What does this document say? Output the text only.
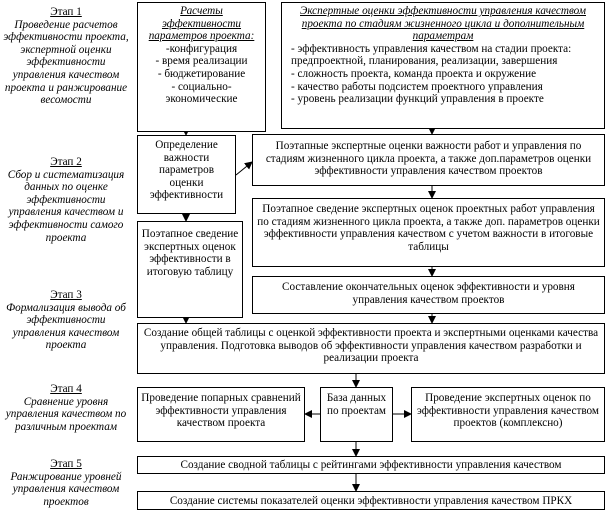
Этап 1
Проведение расчетов эффективности проекта, экспертной оценки эффективности управления качеством проекта и ранжирование весомости
Этап 2
Сбор и систематизация данных по оценке эффективности управления качеством и эффективности самого проекта
Этап 3
Формализация вывода об эффективности управления качеством проекта
Этап 4
Сравнение уровня управления качеством по различным проектам
Этап 5
Ранжирование уровней управления качеством проектов
Расчеты эффективности параметров проекта:
-конфигурация
- время реализации
- бюджетирование
- социально-экономические
Экспертные оценки эффективности управления качеством проекта по стадиям жизненного цикла и дополнительным параметрам
- эффективность управления качеством на стадии проекта: предпроектной, планирования, реализации, завершения
- сложность проекта, команда проекта и окружение
- качество работы подсистем проектного управления
- уровень реализации функций управления в проекте
Определение важности параметров оценки эффективности
Поэтапные экспертные оценки важности работ и управления по стадиям жизненного цикла проекта, а также доп.параметров оценки эффективности управления качеством проектов
Поэтапное сведение экспертных оценок эффективности в итоговую таблицу
Поэтапное сведение экспертных оценок проектных работ управления по стадиям жизненного цикла проекта, а также доп. параметров оценки эффективности управления качеством с учетом важности в итоговые таблицы
Составление окончательных оценок эффективности и уровня управления качеством проектов
Создание общей таблицы с оценкой эффективности проекта и экспертными оценками качества управления. Подготовка выводов об эффективности управления качеством разработки и реализации проекта
Проведение попарных сравнений эффективности управления качеством проекта
База данных по проектам
Проведение экспертных оценок по эффективности управления качеством проектов (комплексно)
Создание сводной таблицы с рейтингами эффективности управления качеством
Создание системы показателей оценки эффективности управления качеством ПРКХ
